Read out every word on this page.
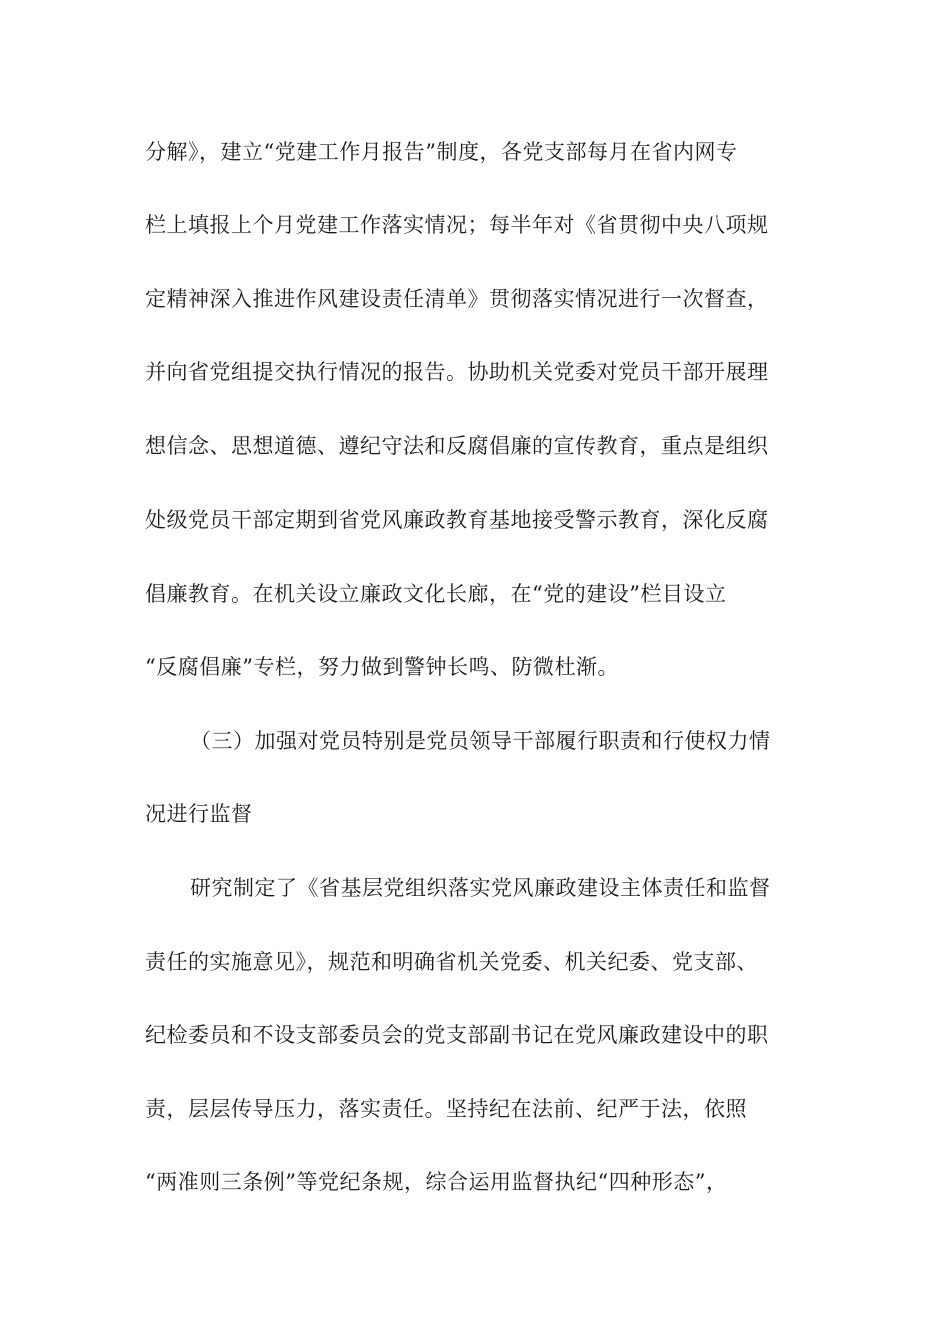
分解》，建立“党建工作月报告”制度，各党支部每月在省内网专
栏上填报上个月党建工作落实情况；每半年对《省贯彻中央八项规
定精神深入推进作风建设责任清单》贯彻落实情况进行一次督查，
并向省党组提交执行情况的报告。协助机关党委对党员干部开展理
想信念、思想道德、遵纪守法和反腐倡廉的宣传教育，重点是组织
处级党员干部定期到省党风廉政教育基地接受警示教育，深化反腐
倡廉教育。在机关设立廉政文化长廊，在“党的建设”栏目设立
“反腐倡廉”专栏，努力做到警钟长鸣、防微杜渐。
（三）加强对党员特别是党员领导干部履行职责和行使权力情
况进行监督
研究制定了《省基层党组织落实党风廉政建设主体责任和监督
责任的实施意见》，规范和明确省机关党委、机关纪委、党支部、
纪检委员和不设支部委员会的党支部副书记在党风廉政建设中的职
责，层层传导压力，落实责任。坚持纪在法前、纪严于法，依照
“两准则三条例”等党纪条规，综合运用监督执纪“四种形态”，
